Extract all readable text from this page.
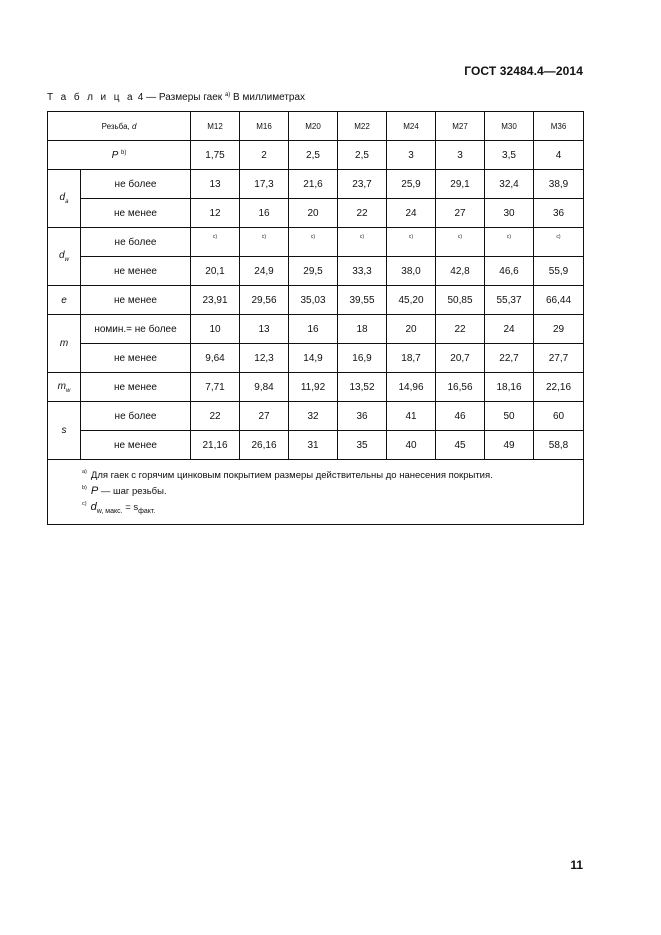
ГОСТ 32484.4—2014
Т а б л и ц а 4 — Размеры гаек $^{а)}$ В миллиметрах
Резьба, d		M12	M16	M20	M22	M24	M27	M30	M36
P $^{b)}$		1,75	2	2,5	2,5	3	3	3,5	4
$d_a$	не более	13	17,3	21,6	23,7	25,9	29,1	32,4	38,9
	не менее	12	16	20	22	24	27	30	36
$d_w$	не более	c)	c)	c)	c)	c)	c)	c)	c)
	не менее	20,1	24,9	29,5	33,3	38,0	42,8	46,6	55,9
e	не менее	23,91	29,56	35,03	39,55	45,20	50,85	55,37	66,44
m	номин.= не более	10	13	16	18	20	22	24	29
	не менее	9,64	12,3	14,9	16,9	18,7	20,7	22,7	27,7
$m_w$	не менее	7,71	9,84	11,92	13,52	14,96	16,56	18,16	22,16
s	не более	22	27	32	36	41	46	50	60
	не менее	21,16	26,16	31	35	40	45	49	58,8

$^{a)}$ Для гаек с горячим цинковым покрытием размеры действительны до нанесения покрытия.
$^{b)}$ P — шаг резьбы.
$^{c)}$ $d_{w, макс.} = s_{факт.}$
11
